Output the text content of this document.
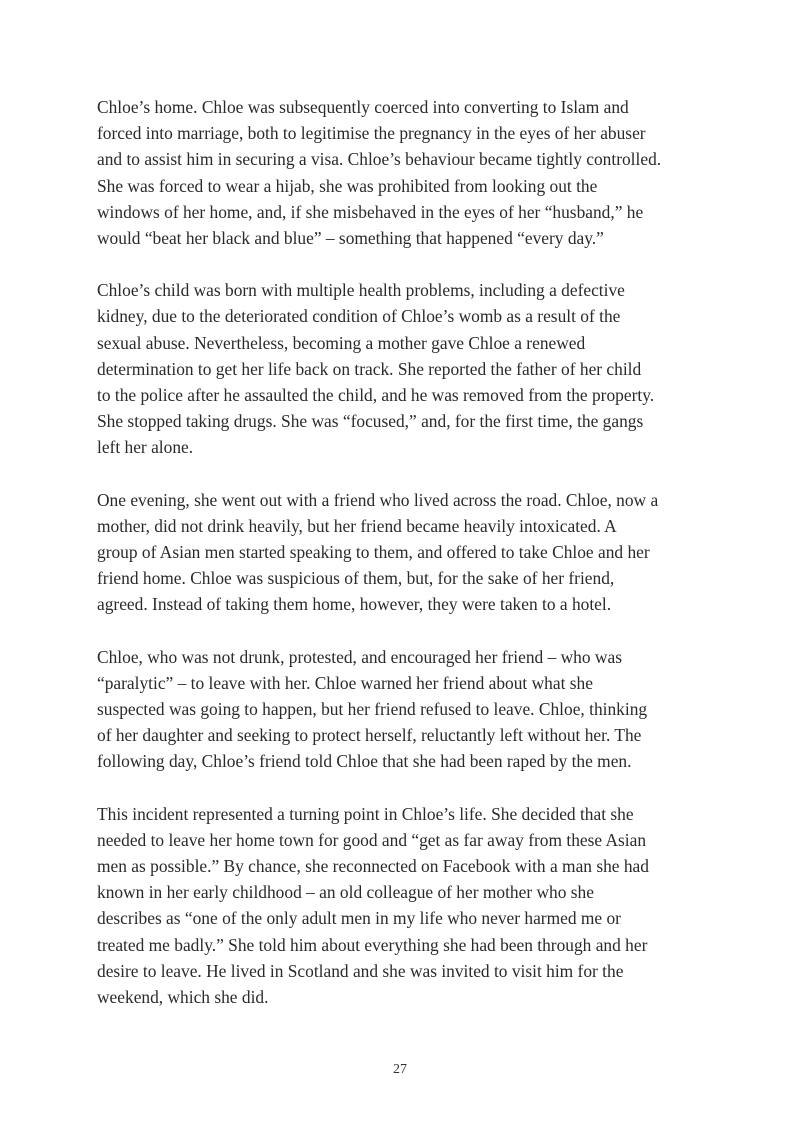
Chloe’s home. Chloe was subsequently coerced into converting to Islam and
forced into marriage, both to legitimise the pregnancy in the eyes of her abuser
and to assist him in securing a visa. Chloe’s behaviour became tightly controlled.
She was forced to wear a hijab, she was prohibited from looking out the
windows of her home, and, if she misbehaved in the eyes of her “husband,” he
would “beat her black and blue” – something that happened “every day.”

Chloe’s child was born with multiple health problems, including a defective
kidney, due to the deteriorated condition of Chloe’s womb as a result of the
sexual abuse. Nevertheless, becoming a mother gave Chloe a renewed
determination to get her life back on track. She reported the father of her child
to the police after he assaulted the child, and he was removed from the property.
She stopped taking drugs. She was “focused,” and, for the first time, the gangs
left her alone.

One evening, she went out with a friend who lived across the road. Chloe, now a
mother, did not drink heavily, but her friend became heavily intoxicated. A
group of Asian men started speaking to them, and offered to take Chloe and her
friend home. Chloe was suspicious of them, but, for the sake of her friend,
agreed. Instead of taking them home, however, they were taken to a hotel.

Chloe, who was not drunk, protested, and encouraged her friend – who was
“paralytic” – to leave with her. Chloe warned her friend about what she
suspected was going to happen, but her friend refused to leave. Chloe, thinking
of her daughter and seeking to protect herself, reluctantly left without her. The
following day, Chloe’s friend told Chloe that she had been raped by the men.

This incident represented a turning point in Chloe’s life. She decided that she
needed to leave her home town for good and “get as far away from these Asian
men as possible.” By chance, she reconnected on Facebook with a man she had
known in her early childhood – an old colleague of her mother who she
describes as “one of the only adult men in my life who never harmed me or
treated me badly.” She told him about everything she had been through and her
desire to leave. He lived in Scotland and she was invited to visit him for the
weekend, which she did.

27
